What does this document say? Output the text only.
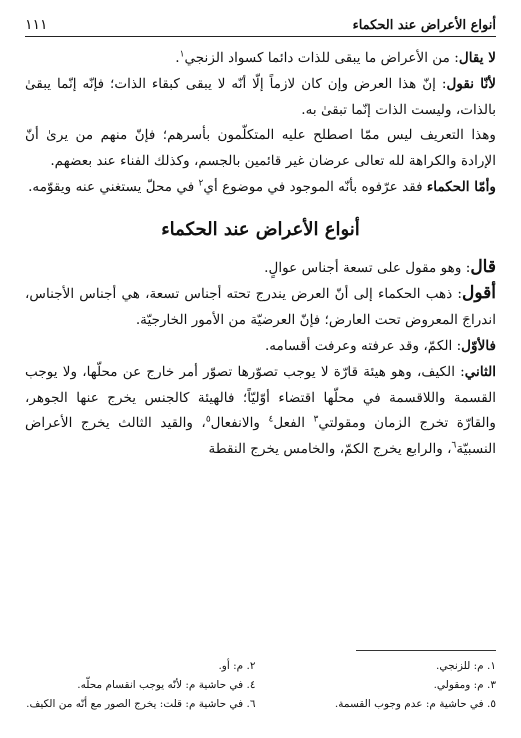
أنواع الأعراض عند الحكماء
١١١

لا يقال: من الأعراض ما يبقى للذات دائما كسواد الزنجي$^١$.

لأنّا نقول: إنّ هذا العرض وإن كان لازماً إلّا أنّه لا يبقى كبقاء الذات؛ فإنّه إنّما يبقىٰ بالذات، وليست الذات إنّما تبقىٰ به.

وهذا التعريف ليس ممّا اصطلح عليه المتكلّمون بأسرهم؛ فإنّ منهم من يرىٰ أنّ الإرادة والكراهة لله تعالى عرضان غير قائمين بالجسم، وكذلك الفناء عند بعضهم.

وأمّا الحكماء فقد عرّفوه بأنّه الموجود في موضوع أي$^٢$ في محلّ يستغني عنه ويقوّمه.

أنواع الأعراض عند الحكماء

قال: وهو مقول على تسعة أجناس عوالٍ.

أقول: ذهب الحكماء إلى أنّ العرض يندرج تحته أجناس تسعة، هي أجناس الأجناس، اندراجَ المعروض تحت العارض؛ فإنّ العرضيّة من الأمور الخارجيّة.

فالأوّل: الكمّ، وقد عرفته وعرفت أقسامه.

الثاني: الكيف، وهو هيئة قارّة لا يوجب تصوّرها تصوّر أمر خارج عن محلّها، ولا يوجب القسمة واللاقسمة في محلّها اقتضاء أوّليّاً؛ فالهيئة كالجنس يخرج عنها الجوهر، والقارّة تخرج الزمان ومقولتي$^٣$ الفعل$^٤$ والانفعال$^٥$، والقيد الثالث يخرج الأعراض النسبيّة$^٦$، والرابع يخرج الكمّ، والخامس يخرج النقطة

١. م: للزنجي.
٢. م: أو.
٣. م: ومقولي.
٤. في حاشية م: لأنّه يوجب انقسام محلّه.
٥. في حاشية م: عدم وجوب القسمة.
٦. في حاشية م: قلت: يخرج الصور مع أنّه من الكيف.
